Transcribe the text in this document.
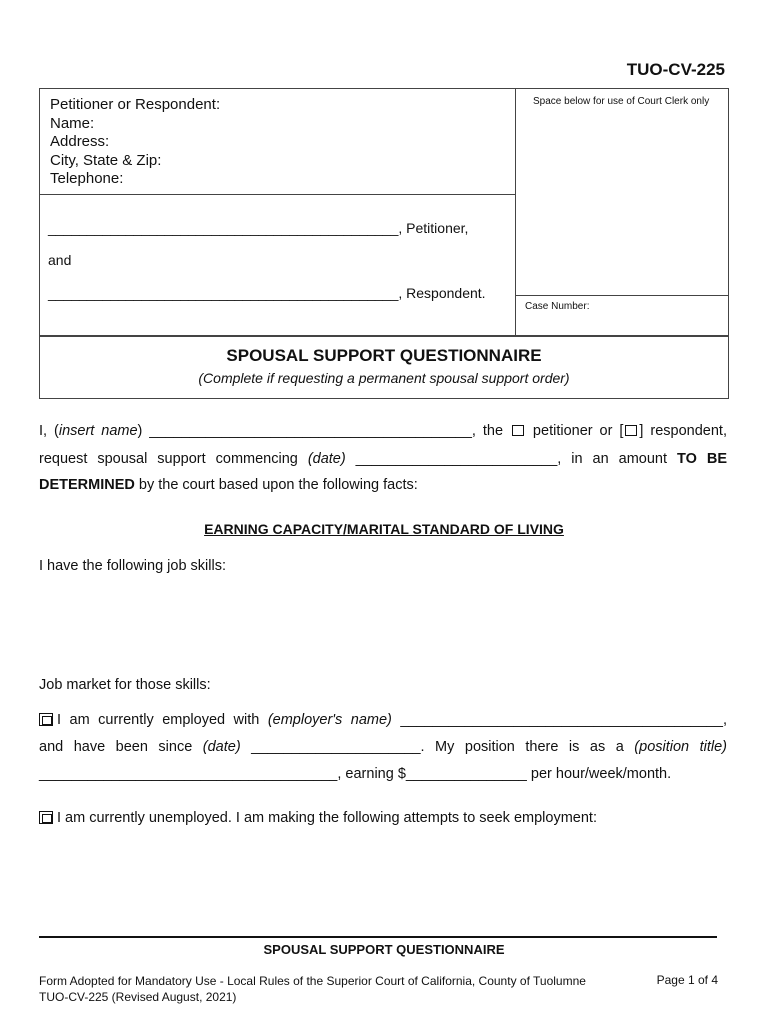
TUO-CV-225
Petitioner or Respondent:
Name:
Address:
City, State & Zip:
Telephone:
Space below for use of Court Clerk only
Case Number:
_____________________________________________, Petitioner,
and
_____________________________________________, Respondent.
SPOUSAL SUPPORT QUESTIONNAIRE
(Complete if requesting a permanent spousal support order)
I, (insert name) ________________________________________, the  petitioner or [ ] respondent,
request spousal support commencing (date) _________________________, in an amount TO BE
DETERMINED by the court based upon the following facts:
EARNING CAPACITY/MARITAL STANDARD OF LIVING
I have the following job skills:
Job market for those skills:
I am currently employed with (employer's name) ________________________________________,
and have been since (date) _____________________. My position there is as a (position title)
_____________________________________, earning $_______________ per hour/week/month.
I am currently unemployed. I am making the following attempts to seek employment:
SPOUSAL SUPPORT QUESTIONNAIRE
Form Adopted for Mandatory Use - Local Rules of the Superior Court of California, County of Tuolumne
TUO-CV-225 (Revised August, 2021)
Page 1 of 4
